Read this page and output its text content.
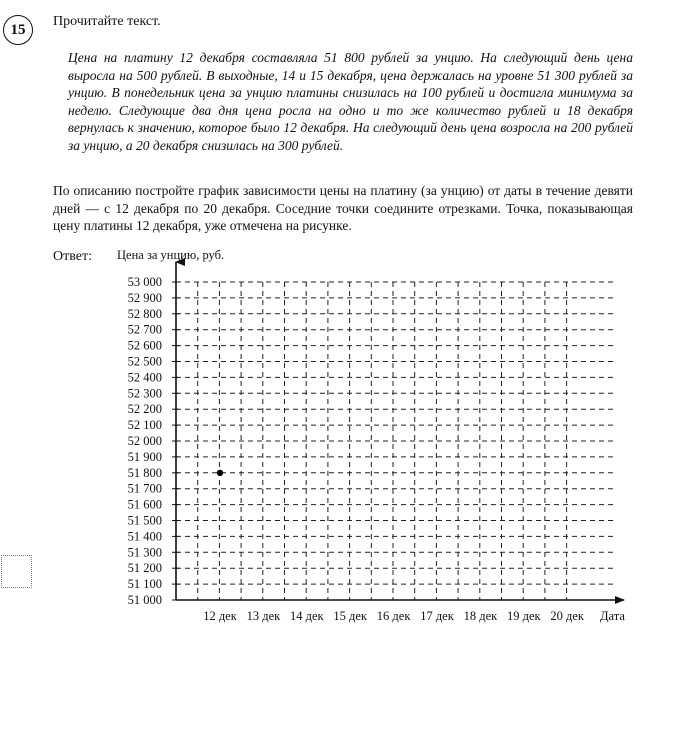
15
Прочитайте текст.
Цена на платину 12 декабря составляла 51 800 рублей за унцию. На следующий день цена выросла на 500 рублей. В выходные, 14 и 15 декабря, цена держалась на уровне 51 300 рублей за унцию. В понедельник цена за унцию платины снизилась на 100 рублей и достигла минимума за неделю. Следующие два дня цена росла на одно и то же количество рублей и 18 декабря вернулась к значению, которое было 12 декабря. На следующий день цена возросла на 200 рублей за унцию, а 20 декабря снизилась на 300 рублей.
По описанию постройте график зависимости цены на платину (за унцию) от даты в течение девяти дней — с 12 декабря по 20 декабря. Соседние точки соедините отрезками. Точка, показывающая цену платины 12 декабря, уже отмечена на рисунке.
Ответ:
51 000
51 100
51 200
51 300
51 400
51 500
51 600
51 700
51 800
51 900
52 000
52 100
52 200
52 300
52 400
52 500
52 600
52 700
52 800
52 900
53 000
12 дек 13 дек 14 дек 15 дек 16 дек 17 дек 18 дек 19 дек 20 дек
Цена за унцию, руб.
Дата
